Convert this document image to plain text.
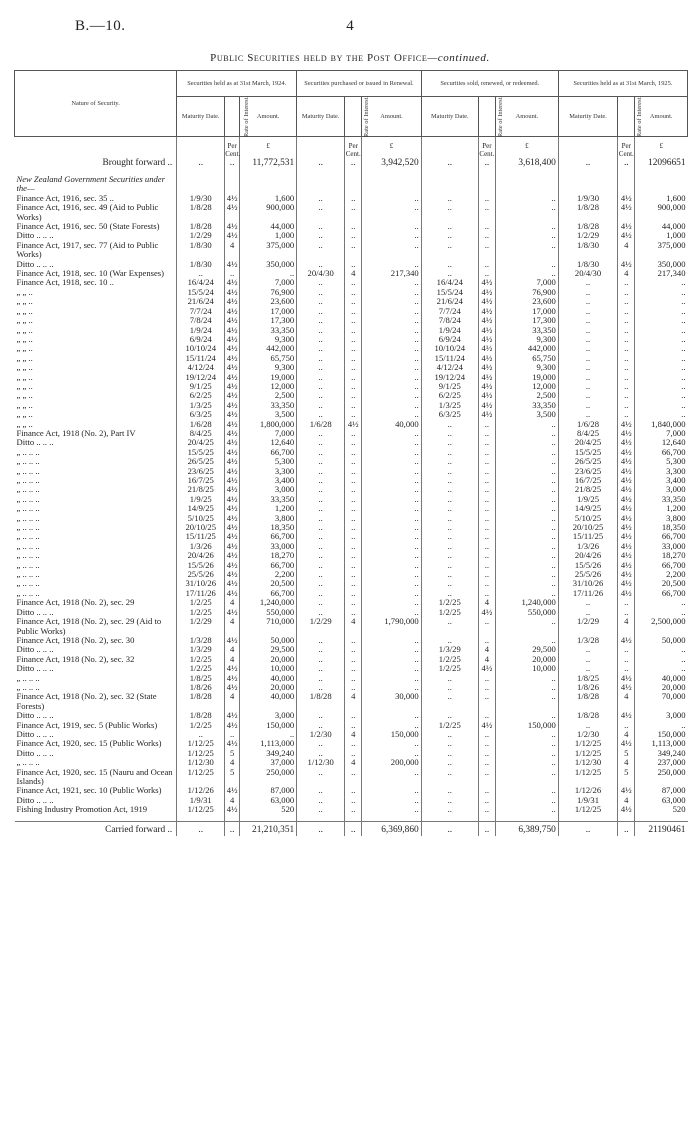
B.—10.	4
Public Securities held by the Post Office—continued.
Nature of Security.	Securities held as at 31st March, 1924.			Securities purchased or issued in Renewal.			Securities sold, renewed, or redeemed.			Securities held as at 31st March, 1925.		
	Maturity Date.	Rate of Interest.	Amount.	Maturity Date.	Rate of Interest.	Amount.	Maturity Date.	Rate of Interest.	Amount.	Maturity Date.	Rate of Interest.	Amount.

		Per Cent.	£		Per Cent.	£		Per Cent.	£		Per Cent.	£
Brought forward ..	..	..	11,772,531	..	..	3,942,520	..	..	3,618,400	..	..	12096651

New Zealand Government Securities under the—												
Finance Act, 1916, sec. 35 ..	1/9/30	4½	1,600	..	..	..	..	..	..	1/9/30	4½	1,600
Finance Act, 1916, sec. 49 (Aid to Public Works)	1/8/28	4½	900,000	..	..	..	..	..	..	1/8/28	4½	900,000
Finance Act, 1916, sec. 50 (State Forests)	1/8/28	4½	44,000	..	..	..	..	..	..	1/8/28	4½	44,000
Ditto .. .. ..	1/2/29	4½	1,000	..	..	..	..	..	..	1/2/29	4½	1,000
Finance Act, 1917, sec. 77 (Aid to Public Works)	1/8/30	4	375,000	..	..	..	..	..	..	1/8/30	4	375,000
Ditto .. .. ..	1/8/30	4½	350,000	..	..	..	..	..	..	1/8/30	4½	350,000
Finance Act, 1918, sec. 10 (War Expenses)	..	..	..	20/4/30	4	217,340	..	..	..	20/4/30	4	217,340
Finance Act, 1918, sec. 10 ..	16/4/24	4½	7,000	..	..	..	16/4/24	4½	7,000	..	..	..
„ „ ..	15/5/24	4½	76,900	..	..	..	15/5/24	4½	76,900	..	..	..
„ „ ..	21/6/24	4½	23,600	..	..	..	21/6/24	4½	23,600	..	..	..
„ „ ..	7/7/24	4½	17,000	..	..	..	7/7/24	4½	17,000	..	..	..
„ „ ..	7/8/24	4½	17,300	..	..	..	7/8/24	4½	17,300	..	..	..
„ „ ..	1/9/24	4½	33,350	..	..	..	1/9/24	4½	33,350	..	..	..
„ „ ..	6/9/24	4½	9,300	..	..	..	6/9/24	4½	9,300	..	..	..
„ „ ..	10/10/24	4½	442,000	..	..	..	10/10/24	4½	442,000	..	..	..
„ „ ..	15/11/24	4½	65,750	..	..	..	15/11/24	4½	65,750	..	..	..
„ „ ..	4/12/24	4½	9,300	..	..	..	4/12/24	4½	9,300	..	..	..
„ „ ..	19/12/24	4½	19,000	..	..	..	19/12/24	4½	19,000	..	..	..
„ „ ..	9/1/25	4½	12,000	..	..	..	9/1/25	4½	12,000	..	..	..
„ „ ..	6/2/25	4½	2,500	..	..	..	6/2/25	4½	2,500	..	..	..
„ „ ..	1/3/25	4½	33,350	..	..	..	1/3/25	4½	33,350	..	..	..
„ „ ..	6/3/25	4½	3,500	..	..	..	6/3/25	4½	3,500	..	..	..
„ „ ..	1/6/28	4½	1,800,000	1/6/28	4½	40,000	..	..	..	1/6/28	4½	1,840,000
Finance Act, 1918 (No. 2), Part IV	8/4/25	4½	7,000	..	..	..	..	..	..	8/4/25	4½	7,000
Ditto .. .. ..	20/4/25	4½	12,640	..	..	..	..	..	..	20/4/25	4½	12,640
„ .. .. ..	15/5/25	4½	66,700	..	..	..	..	..	..	15/5/25	4½	66,700
„ .. .. ..	26/5/25	4½	5,300	..	..	..	..	..	..	26/5/25	4½	5,300
„ .. .. ..	23/6/25	4½	3,300	..	..	..	..	..	..	23/6/25	4½	3,300
„ .. .. ..	16/7/25	4½	3,400	..	..	..	..	..	..	16/7/25	4½	3,400
„ .. .. ..	21/8/25	4½	3,000	..	..	..	..	..	..	21/8/25	4½	3,000
„ .. .. ..	1/9/25	4½	33,350	..	..	..	..	..	..	1/9/25	4½	33,350
„ .. .. ..	14/9/25	4½	1,200	..	..	..	..	..	..	14/9/25	4½	1,200
„ .. .. ..	5/10/25	4½	3,800	..	..	..	..	..	..	5/10/25	4½	3,800
„ .. .. ..	20/10/25	4½	18,350	..	..	..	..	..	..	20/10/25	4½	18,350
„ .. .. ..	15/11/25	4½	66,700	..	..	..	..	..	..	15/11/25	4½	66,700
„ .. .. ..	1/3/26	4½	33,000	..	..	..	..	..	..	1/3/26	4½	33,000
„ .. .. ..	20/4/26	4½	18,270	..	..	..	..	..	..	20/4/26	4½	18,270
„ .. .. ..	15/5/26	4½	66,700	..	..	..	..	..	..	15/5/26	4½	66,700
„ .. .. ..	25/5/26	4½	2,200	..	..	..	..	..	..	25/5/26	4½	2,200
„ .. .. ..	31/10/26	4½	20,500	..	..	..	..	..	..	31/10/26	4½	20,500
„ .. .. ..	17/11/26	4½	66,700	..	..	..	..	..	..	17/11/26	4½	66,700
Finance Act, 1918 (No. 2), sec. 29	1/2/25	4	1,240,000	..	..	..	1/2/25	4	1,240,000	..	..	..
Ditto .. .. ..	1/2/25	4½	550,000	..	..	..	1/2/25	4½	550,000	..	..	..
Finance Act, 1918 (No. 2), sec. 29 (Aid to Public Works)	1/2/29	4	710,000	1/2/29	4	1,790,000	..	..	..	1/2/29	4	2,500,000
Finance Act, 1918 (No. 2), sec. 30	1/3/28	4½	50,000	..	..	..	..	..	..	1/3/28	4½	50,000
Ditto .. .. ..	1/3/29	4	29,500	..	..	..	1/3/29	4	29,500	..	..	..
Finance Act, 1918 (No. 2), sec. 32	1/2/25	4	20,000	..	..	..	1/2/25	4	20,000	..	..	..
Ditto .. .. ..	1/2/25	4½	10,000	..	..	..	1/2/25	4½	10,000	..	..	..
„ .. .. ..	1/8/25	4½	40,000	..	..	..	..	..	..	1/8/25	4½	40,000
„ .. .. ..	1/8/26	4½	20,000	..	..	..	..	..	..	1/8/26	4½	20,000
Finance Act, 1918 (No. 2), sec. 32 (State Forests)	1/8/28	4	40,000	1/8/28	4	30,000	..	..	..	1/8/28	4	70,000
Ditto .. .. ..	1/8/28	4½	3,000	..	..	..	..	..	..	1/8/28	4½	3,000
Finance Act, 1919, sec. 5 (Public Works)	1/2/25	4½	150,000	..	..	..	1/2/25	4½	150,000	..	..	..
Ditto .. .. ..	..	..	..	1/2/30	4	150,000	..	..	..	1/2/30	4	150,000
Finance Act, 1920, sec. 15 (Public Works)	1/12/25	4½	1,113,000	..	..	..	..	..	..	1/12/25	4½	1,113,000
Ditto .. .. ..	1/12/25	5	349,240	..	..	..	..	..	..	1/12/25	5	349,240
„ .. .. ..	1/12/30	4	37,000	1/12/30	4	200,000	..	..	..	1/12/30	4	237,000
Finance Act, 1920, sec. 15 (Nauru and Ocean Islands)	1/12/25	5	250,000	..	..	..	..	..	..	1/12/25	5	250,000
Finance Act, 1921, sec. 10 (Public Works)	1/12/26	4½	87,000	..	..	..	..	..	..	1/12/26	4½	87,000
Ditto .. .. ..	1/9/31	4	63,000	..	..	..	..	..	..	1/9/31	4	63,000
Fishing Industry Promotion Act, 1919	1/12/25	4½	520	..	..	..	..	..	..	1/12/25	4½	520

Carried forward ..	..	..	21,210,351	..	..	6,369,860	..	..	6,389,750	..	..	21190461
